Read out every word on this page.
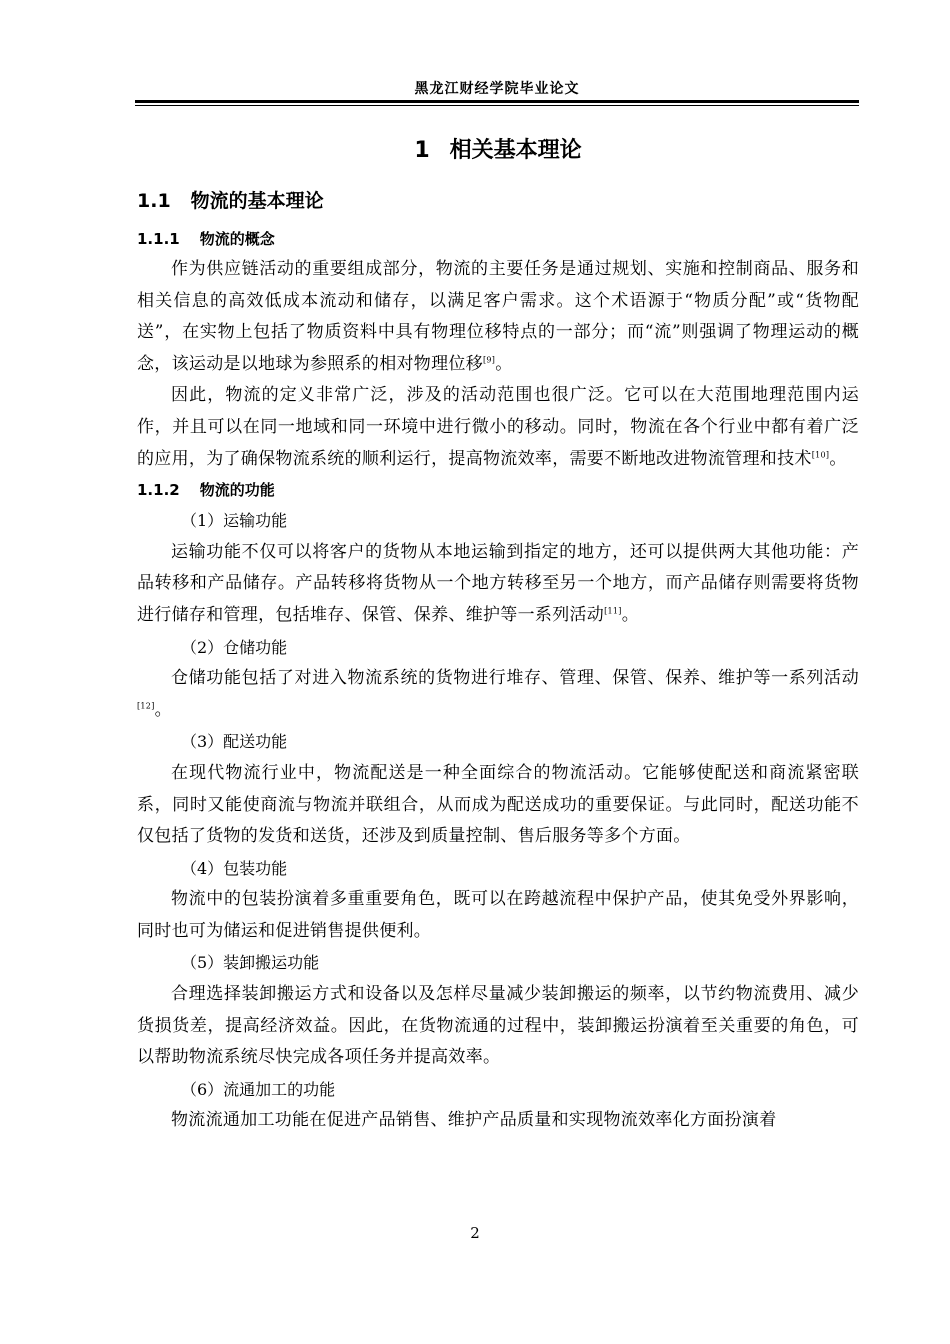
黑龙江财经学院毕业论文
1 相关基本理论
1.1 物流的基本理论
1.1.1 物流的概念

作为供应链活动的重要组成部分，物流的主要任务是通过规划、实施和控制商品、服务和相关信息的高效低成本流动和储存，以满足客户需求。这个术语源于“物质分配”或“货物配送”，在实物上包括了物质资料中具有物理位移特点的一部分；而“流”则强调了物理运动的概念，该运动是以地球为参照系的相对物理位移[9]。

因此，物流的定义非常广泛，涉及的活动范围也很广泛。它可以在大范围地理范围内运作，并且可以在同一地域和同一环境中进行微小的移动。同时，物流在各个行业中都有着广泛的应用，为了确保物流系统的顺利运行，提高物流效率，需要不断地改进物流管理和技术[10]。

1.1.2 物流的功能

（1）运输功能

运输功能不仅可以将客户的货物从本地运输到指定的地方，还可以提供两大其他功能：产品转移和产品储存。产品转移将货物从一个地方转移至另一个地方，而产品储存则需要将货物进行储存和管理，包括堆存、保管、保养、维护等一系列活动[11]。

（2）仓储功能

仓储功能包括了对进入物流系统的货物进行堆存、管理、保管、保养、维护等一系列活动[12]。

（3）配送功能

在现代物流行业中，物流配送是一种全面综合的物流活动。它能够使配送和商流紧密联系，同时又能使商流与物流并联组合，从而成为配送成功的重要保证。与此同时，配送功能不仅包括了货物的发货和送货，还涉及到质量控制、售后服务等多个方面。

（4）包装功能

物流中的包装扮演着多重重要角色，既可以在跨越流程中保护产品，使其免受外界影响，同时也可为储运和促进销售提供便利。

（5）装卸搬运功能

合理选择装卸搬运方式和设备以及怎样尽量减少装卸搬运的频率，以节约物流费用、减少货损货差，提高经济效益。因此，在货物流通的过程中，装卸搬运扮演着至关重要的角色，可以帮助物流系统尽快完成各项任务并提高效率。

（6）流通加工的功能

物流流通加工功能在促进产品销售、维护产品质量和实现物流效率化方面扮演着

2
